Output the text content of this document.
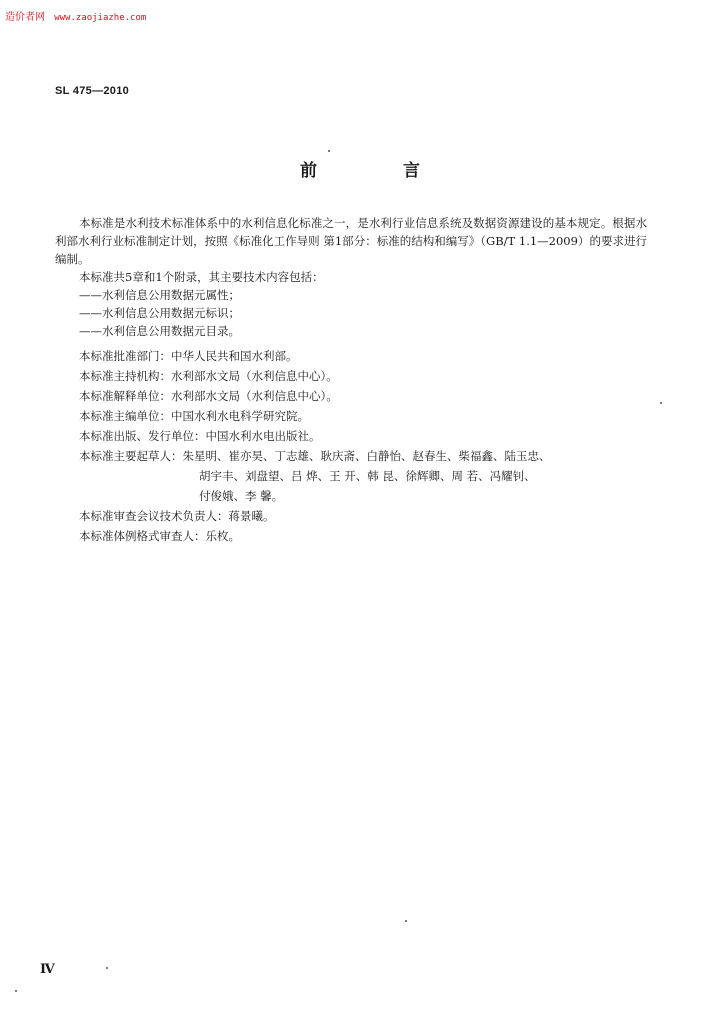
造价者网 www.zaojiazhe.com
SL 475—2010
前	言

本标准是水利技术标准体系中的水利信息化标准之一，是水利行业信息系统及数据资源建设的基本规定。根据水利部水利行业标准制定计划，按照《标准化工作导则 第1部分：标准的结构和编写》（GB/T 1.1—2009）的要求进行编制。

本标准共5章和1个附录，其主要技术内容包括：

——水利信息公用数据元属性；

——水利信息公用数据元标识；

——水利信息公用数据元目录。

本标准批准部门：中华人民共和国水利部。

本标准主持机构：水利部水文局（水利信息中心）。

本标准解释单位：水利部水文局（水利信息中心）。

本标准主编单位：中国水利水电科学研究院。

本标准出版、发行单位：中国水利水电出版社。

本标准主要起草人：朱星明、崔亦昊、丁志雄、耿庆斋、白静怡、赵春生、柴福鑫、陆玉忠、

胡宇丰、刘盘望、吕 烨、王 开、韩 昆、徐辉卿、周 若、冯耀钊、

付俊娥、李 馨。

本标准审查会议技术负责人：蒋景曦。

本标准体例格式审查人：乐枚。

Ⅳ
